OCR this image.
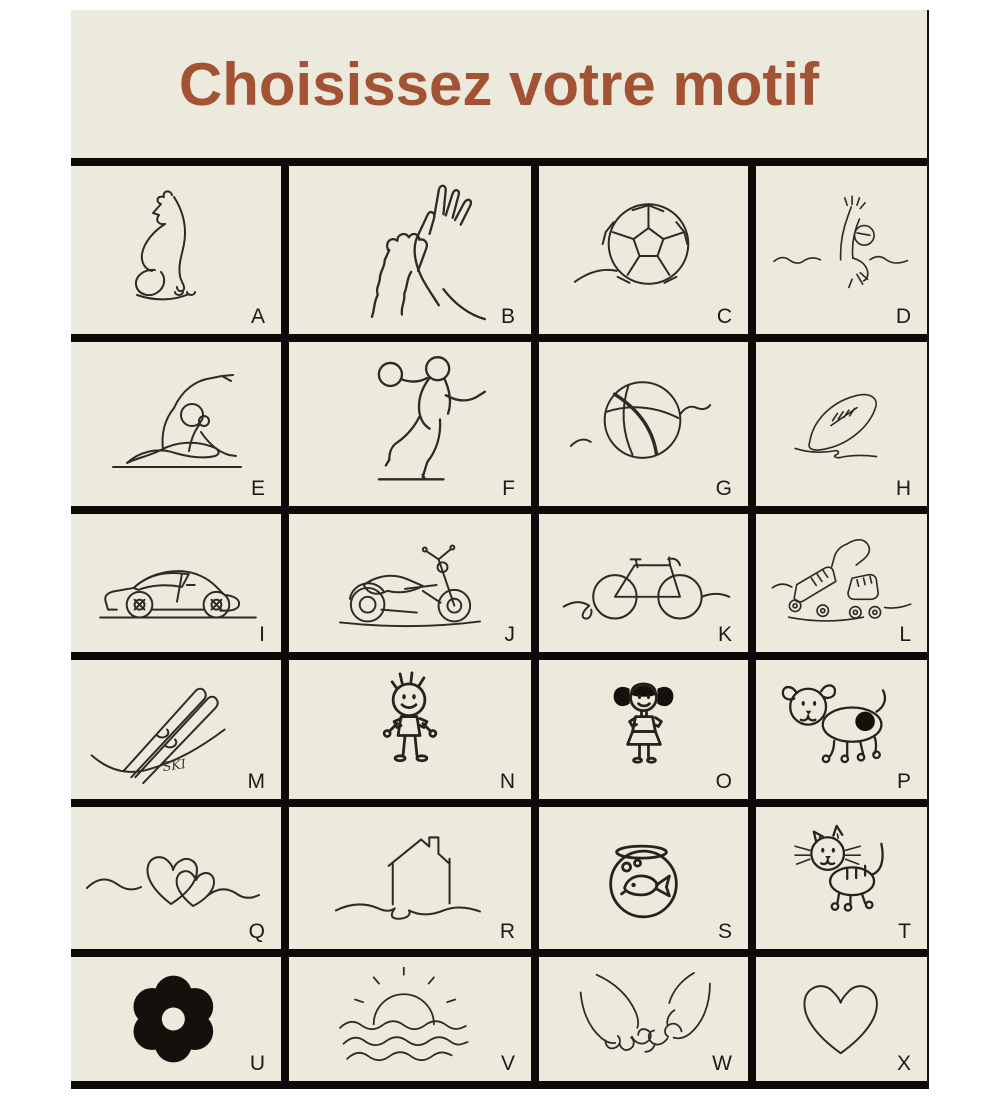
Choisissez votre motif
A	B	C	D
E	F	G	H
I	J	K	L
SKI
M	N	O	P
Q	R	S	T
U	V	W	X
